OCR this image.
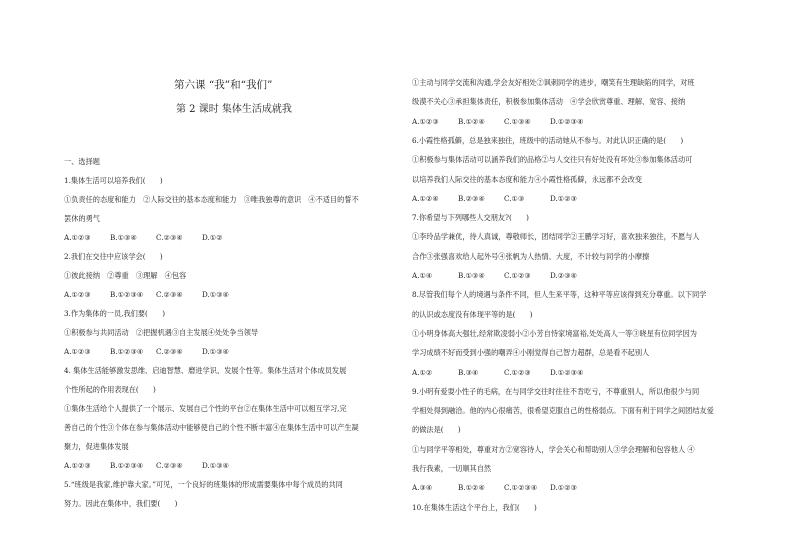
第六课 “我”和“我们”
第 2 课时 集体生活成就我
一、选择题
1.集体生活可以培养我们(　　)
①负责任的态度和能力　②人际交往的基本态度和能力　③唯我独尊的意识　④不适目的誓不
罢休的勇气
A.①②③	B.①③④	C.②③④	D.①②
2.我们在交往中应该学会(　　)
①彼此接纳　②尊重　③理解　④包容
A.①②③	B.①②③④	C.②③④	D.①③④
3.作为集体的一员,我们要(　　)
①积极参与共同活动　②把握机遇③自主发展④处处争当领导
A.①②③	B.①②③④	C.②③④	D.①③④
4. 集体生活能够激发思维、启迪智慧、磨进学识、发展个性等。集体生活对个体成员发展
个性所起的作用表现在(　　)
①集体生活给个人提供了一个展示、发展自己个性的平台②在集体生活中可以相互学习,完
善自己的个性③个体在参与集体活动中能够使自己的个性不断丰富④在集体生活中可以产生凝
聚力，促进集体发展
A.①②③	B.①②③④	C.②③④	D.①③④
5.“班级是我家,维护靠大家。”可见，一个良好的班集体的形成需要集体中每个成员的共同
努力。因此在集体中，我们要(　　)
①主动与同学交流和沟通,学会友好相处②讽刺同学的进步，嘲笑有生理缺陷的同学，对班
级漠不关心③承担集体责任，积极参加集体活动　④学会欣赏尊重、理解、宽容、接纳
A.①②③	B.①②④	C.①③④	D.①②③④
6.小霞性格孤僻，总是独来独往，班级中的活动她从不参与。对此认识正确的是(　　)
①积极参与集体活动可以涵养我们的品格②与人交往只有好处没有坏处③参加集体活动可
以培养我们人际交往的基本态度和能力④小霞性格孤僻，永远都不会改变
A.①②④	B.②③④	C.①③	D.①②③
7.你希望与下列哪些人交朋友?(　　)
①李玲品学兼优，待人真诚，尊敬师长，团结同学②王鹏学习好，喜欢独来独往，不愿与人
合作③张强喜欢给人起外号④张帆为人热情、大度，不计较与同学的小摩擦
A.①④	B.①③④	C.①②③	D.②③④
8.尽管我们每个人的境遇与条件不同，但人生来平等，这种平等应该得到充分尊重。以下同学
的认识或态度没有体现平等的是(　　)
①小明身体高大强壮,经常欺凌弱小②小芳自恃家境富裕,处处高人一等③晓星有位同学因为
学习成绩不好而受到小强的嘲弄④小刚觉得自己智力超群，总是看不起别人
A.①②	B.③④	C.①②③	D.①②③④
9.小明有爱耍小性子的毛病，在与同学交往时往往不肯吃亏，不尊重别人，所以他很少与同
学相处得到融洽。他的内心很痛苦，很希望克服自己的性格弱点。下面有利于同学之间团结友爱
的做法是(　　)
①与同学平等相处，尊重对方②宽容待人，学会关心和帮助别人③学会理解和包容他人 ④
我行我素，一切顺其自然
A.③④	B.①②④	C.①②③④	D.①②③
10.在集体生活这个平台上，我们(　　)
